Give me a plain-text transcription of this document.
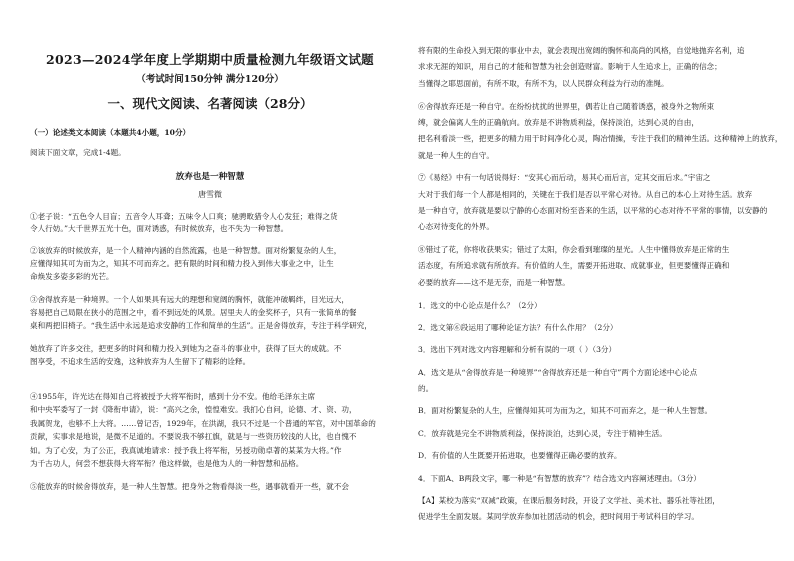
2023—2024学年度上学期期中质量检测九年级语文试题

（考试时间150分钟 满分120分）

一、现代文阅读、名著阅读（28分）

（一）论述类文本阅读（本题共4小题，10分）

阅读下面文章，完成1-4题。

放弃也是一种智慧

唐雪微

①老子说：“五色令人目盲；五音令人耳聋；五味令人口爽；驰骋畋猎令人心发狂；难得之货

令人行妨。”大千世界五光十色，面对诱惑，有时候放弃，也不失为一种智慧。

②该放弃的时候放弃，是一个人精神内涵的自然流露，也是一种智慧。面对纷繁复杂的人生，

应懂得知其可为而为之，知其不可而弃之。把有限的时间和精力投入到伟大事业之中，让生

命焕发多姿多彩的光芒。

③舍得放弃是一种境界。一个人如果具有远大的理想和宽阔的胸怀，就能冲破羁绊，目光远大，

容易把自己局限在狭小的范围之中，看不到远处的风景。居里夫人的金奖杯子，只有一张简单的餐

桌和两把旧椅子。“我生活中永远是追求安静的工作和简单的生活”。正是舍得放弃，专注于科学研究，

她放弃了许多交往，把更多的时间和精力投入到她为之奋斗的事业中，获得了巨大的成就。不

图享受，不追求生活的安逸，这种放弃为人生留下了精彩的诠释。

④1955年，许光达在得知自己将被授予大将军衔时，感到十分不安。他给毛泽东主席

和中央军委写了一封《降衔申请》，说：“高兴之余，惶惶难安。我扪心自问，论德、才、资、功，

我属贺龙，也够不上大将。……曾记否，1929年，在洪湖，我只不过是一个普通的军官，对中国革命的

贡献，实事求是地说，是微不足道的。不要说我不够扛旗，就是与一些资历较浅的人比，也自愧不

如。为了心安，为了公正，我真诚地请求：授予我上将军衔，另授功勋卓著的某某为大将。”作

为千古功人，何尝不想获得大将军衔？他这样做，也是他为人的一种智慧和品格。

⑤能放弃的时候舍得放弃，是一种人生智慧。把身外之物看得淡一些，遇事就看开一些，就不会

将有限的生命投入到无限的事业中去，就会表现出宽阔的胸怀和高尚的风格，自觉地抛弃名利，追

求求无涯的知识，用自己的才能和智慧为社会创造财富。影响于人生追求上，正确的信念；

当懂得之耶思面前，有所不取，有所不为，以人民群众利益为行动的准绳。

⑥舍得放弃还是一种自守。在纷纷扰扰的世界里，偶若让自己随着诱惑，被身外之物所束

缚，就会偏离人生的正确航向。放弃是不讲物质利益，保持淡泊，达到心灵的自由，

把名利看淡一些，把更多的精力用于时间净化心灵，陶冶情操，专注于我们的精神生活。这种精神上的放弃，

就是一种人生的自守。

⑦《易经》中有一句话说得好：“安其心而后动，易其心而后言，定其交而后求。”宇宙之

大对于我们每一个人都是相同的，关键在于我们是否以平常心对待。从自己的本心上对待生活。放弃

是一种自守，放弃就是要以宁静的心态面对纷至沓来的生活，以平常的心态对待不平常的事情，以安静的

心态对待变化的外界。

⑧错过了花，你将收获果实；错过了太阳，你会看到璀璨的星光。人生中懂得放弃是正常的生

活态度，有所追求就有所放弃。有价值的人生，需要开拓进取、成就事业，但更要懂得正确和

必要的放弃——这不是无奈，而是一种智慧。

1．选文的中心论点是什么？（2分）

2．选文第⑥段运用了哪种论证方法？有什么作用？（2分）

3．选出下列对选文内容理解和分析有误的一项（ ）（3分）

A．选文是从“舍得放弃是一种境界”“舍得放弃还是一种自守”两个方面论述中心论点

的。

B．面对纷繁复杂的人生，应懂得知其可为而为之，知其不可而弃之，是一种人生智慧。

C．放弃就是完全不讲物质利益，保持淡泊，达到心灵，专注于精神生活。

D．有价值的人生既要开拓进取，也要懂得正确必要的放弃。

4．下面A、B两段文字，哪一种是“有智慧的放弃”？结合选文内容阐述理由。（3分）

【A】某校为落实“双减”政策，在课后服务时段，开设了文学社、美术社、器乐社等社团，

促进学生全面发展。某同学放弃参加社团活动的机会，把时间用于考试科目的学习。
